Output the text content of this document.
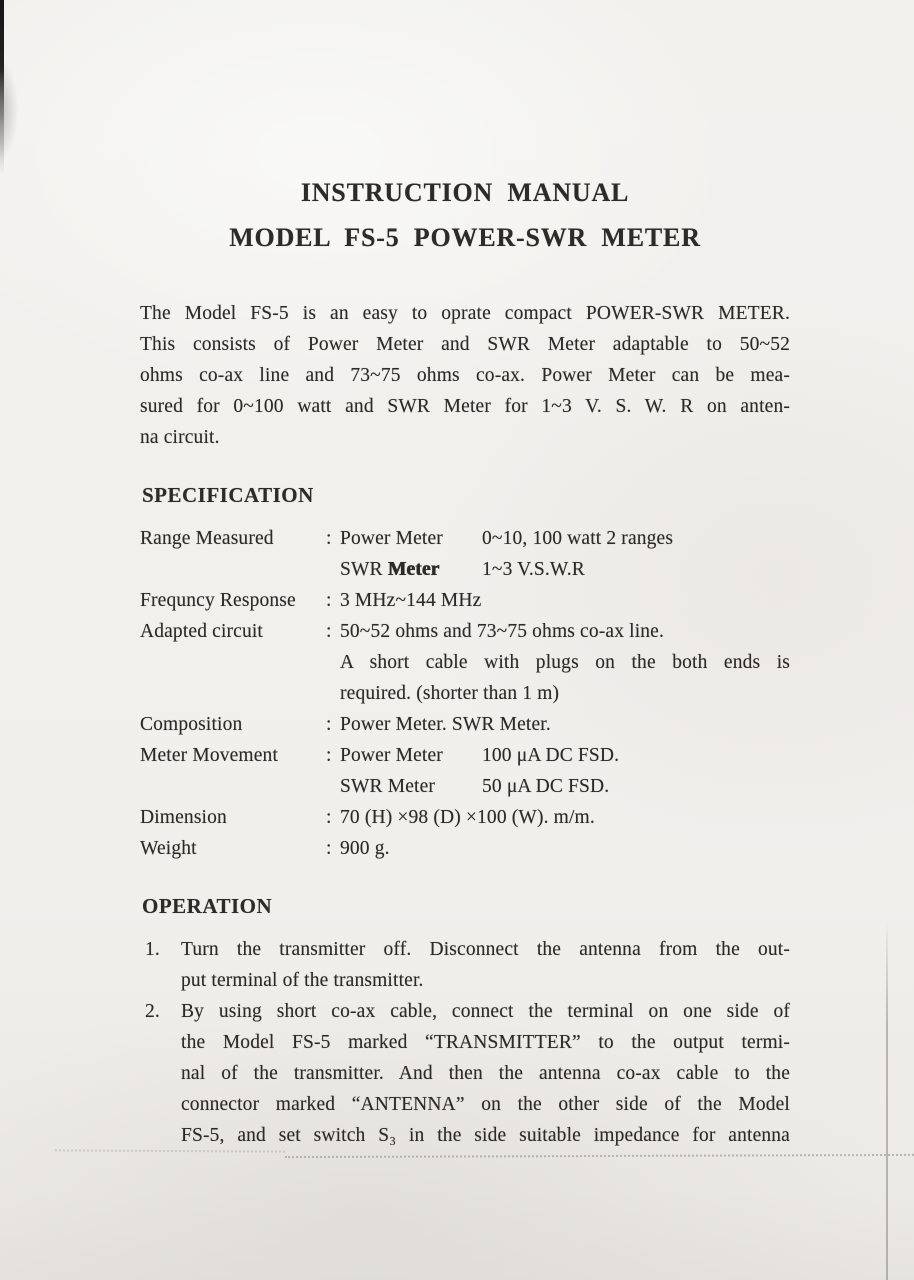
INSTRUCTION MANUAL
MODEL FS-5 POWER-SWR METER
The Model FS-5 is an easy to oprate compact POWER-SWR METER.
This consists of Power Meter and SWR Meter adaptable to 50~52
ohms co-ax line and 73~75 ohms co-ax. Power Meter can be mea-
sured for 0~100 watt and SWR Meter for 1~3 V. S. W. R on anten-
na circuit.
SPECIFICATION
Range Measured	: Power Meter 0~10, 100 watt 2 ranges
SWR Meter 1~3 V.S.W.R
Frequncy Response	: 3 MHz~144 MHz
Adapted circuit	: 50~52 ohms and 73~75 ohms co-ax line.
A short cable with plugs on the both ends is
required. (shorter than 1 m)
Composition	: Power Meter. SWR Meter.
Meter Movement	: Power Meter 100 μA DC FSD.
SWR Meter 50 μA DC FSD.
Dimension	: 70 (H) ×98 (D) ×100 (W). m/m.
Weight	: 900 g.
OPERATION
1.	Turn the transmitter off. Disconnect the antenna from the out-
put terminal of the transmitter.
2.	By using short co-ax cable, connect the terminal on one side of
the Model FS-5 marked “TRANSMITTER” to the output termi-
nal of the transmitter. And then the antenna co-ax cable to the
connector marked “ANTENNA” on the other side of the Model
FS-5, and set switch S₃ in the side suitable impedance for antenna
